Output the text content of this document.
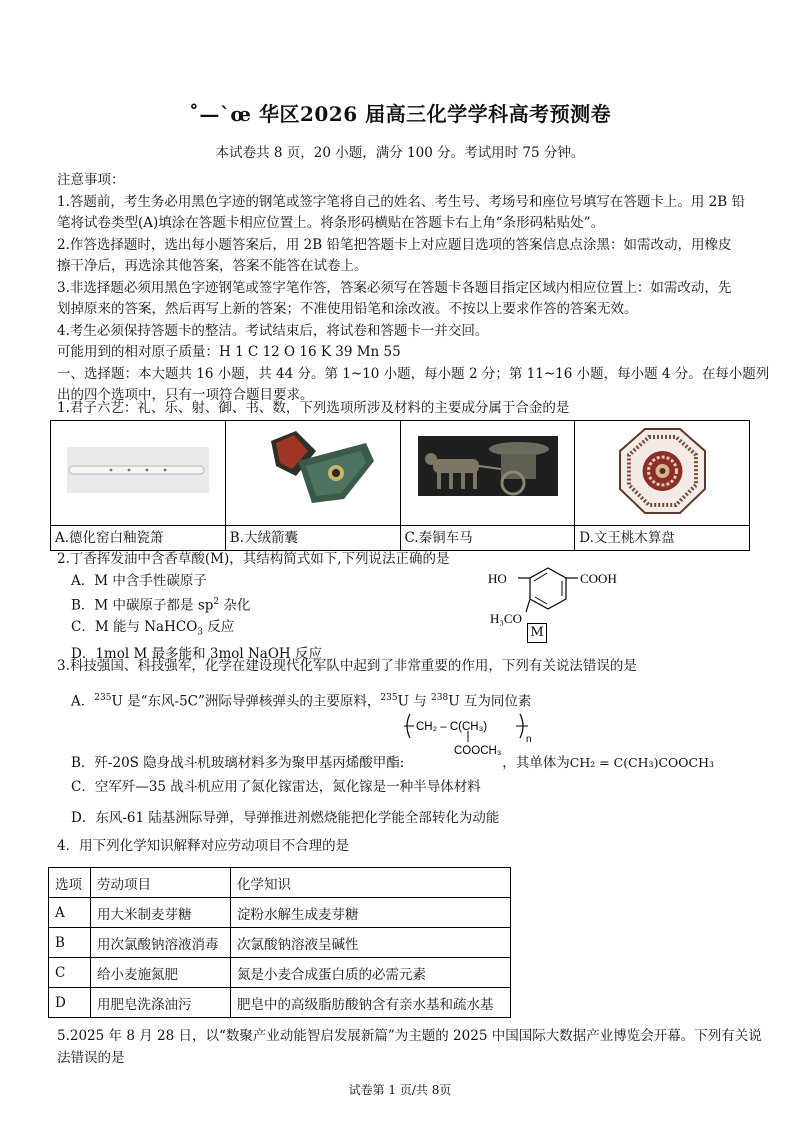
˚—`œ 华区2026 届高三化学学科高考预测卷
本试卷共 8 页，20 小题，满分 100 分。考试用时 75 分钟。
注意事项：
1.答题前，考生务必用黑色字迹的钢笔或签字笔将自己的姓名、考生号、考场号和座位号填写在答题卡上。用 2B 铅
笔将试卷类型(A)填涂在答题卡相应位置上。将条形码横贴在答题卡右上角“条形码粘贴处”。
2.作答选择题时，选出每小题答案后，用 2B 铅笔把答题卡上对应题目选项的答案信息点涂黑：如需改动，用橡皮
擦干净后，再选涂其他答案，答案不能答在试卷上。
3.非选择题必须用黑色字迹钢笔或签字笔作答，答案必须写在答题卡各题目指定区域内相应位置上：如需改动，先
划掉原来的答案，然后再写上新的答案；不准使用铅笔和涂改液。不按以上要求作答的答案无效。
4.考生必须保持答题卡的整洁。考试结束后，将试卷和答题卡一并交回。
可能用到的相对原子质量：H 1 C 12 O 16 K 39 Mn 55
一、选择题：本大题共 16 小题，共 44 分。第 1~10 小题，每小题 2 分；第 11~16 小题，每小题 4 分。在每小题列
出的四个选项中，只有一项符合题目要求。
1.君子六艺：礼、乐、射、御、书、数，下列选项所涉及材料的主要成分属于合金的是

A.德化窑白釉瓷箫	B.大绒箭囊	C.秦铜车马	D.文王桃木算盘
2.丁香挥发油中含香草酸(M)，其结构简式如下,下列说法正确的是
A．M 中含手性碳原子
B．M 中碳原子都是 $sp^2$ 杂化
C．M 能与 NaHCO$_3$ 反应
D．1mol M 最多能和 3mol NaOH 反应
HO	COOH
H₃CO
M
3.科技强国、科技强军，化学在建设现代化军队中起到了非常重要的作用，下列有关说法错误的是
A．$^{235}$U 是“东风-5C”洲际导弹核弹头的主要原料，$^{235}$U 与 $^{238}$U 互为同位素
CH₂ – C(CH₃)
COOCH₃
n
B．歼-20S 隐身战斗机玻璃材料多为聚甲基丙烯酸甲酯:	，其单体为CH₂ = C(CH₃)COOCH₃
C．空军歼—35 战斗机应用了氮化镓雷达，氮化镓是一种半导体材料
D．东风-61 陆基洲际导弹，导弹推进剂燃烧能把化学能全部转化为动能
4．用下列化学知识解释对应劳动项目不合理的是
选项	劳动项目	化学知识
A	用大米制麦芽糖	淀粉水解生成麦芽糖
B	用次氯酸钠溶液消毒	次氯酸钠溶液呈碱性
C	给小麦施氮肥	氮是小麦合成蛋白质的必需元素
D	用肥皂洗涤油污	肥皂中的高级脂肪酸钠含有亲水基和疏水基
5.2025 年 8 月 28 日，以“数聚产业动能智启发展新篇”为主题的 2025 中国国际大数据产业博览会开幕。下列有关说
法错误的是
试卷第 1 页/共 8页
